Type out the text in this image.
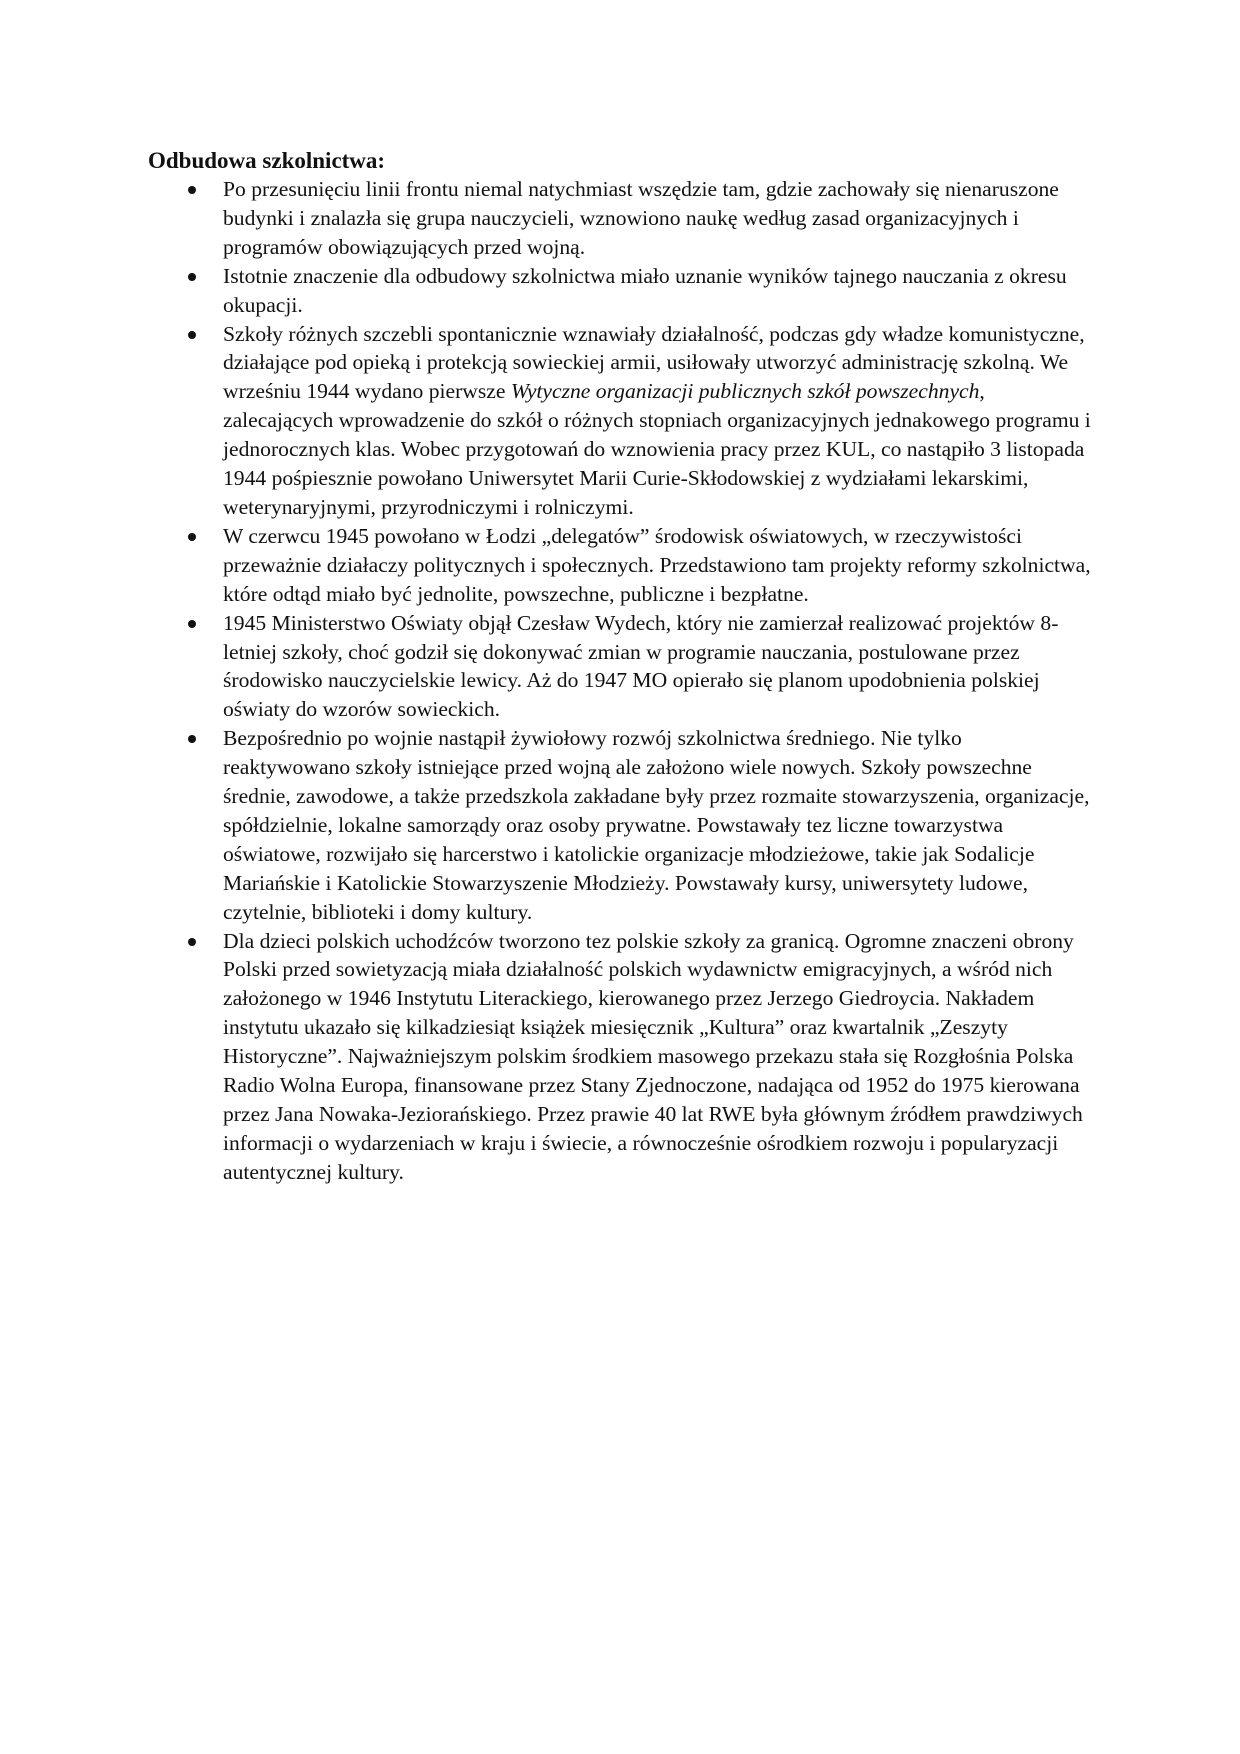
Odbudowa szkolnictwa:
Po przesunięciu linii frontu niemal natychmiast wszędzie tam, gdzie zachowały się nienaruszone budynki i znalazła się grupa nauczycieli, wznowiono naukę według zasad organizacyjnych i programów obowiązujących przed wojną.
Istotnie znaczenie dla odbudowy szkolnictwa miało uznanie wyników tajnego nauczania z okresu okupacji.
Szkoły różnych szczebli spontanicznie wznawiały działalność, podczas gdy władze komunistyczne, działające pod opieką i protekcją sowieckiej armii, usiłowały utworzyć administrację szkolną. We wrześniu 1944 wydano pierwsze Wytyczne organizacji publicznych szkół powszechnych, zalecających wprowadzenie do szkół o różnych stopniach organizacyjnych jednakowego programu i jednorocznych klas. Wobec przygotowań do wznowienia pracy przez KUL, co nastąpiło 3 listopada 1944 pośpiesznie powołano Uniwersytet Marii Curie-Skłodowskiej z wydziałami lekarskimi, weterynaryjnymi, przyrodniczymi i rolniczymi.
W czerwcu 1945 powołano w Łodzi „delegatów” środowisk oświatowych, w rzeczywistości przeważnie działaczy politycznych i społecznych. Przedstawiono tam projekty reformy szkolnictwa, które odtąd miało być jednolite, powszechne, publiczne i bezpłatne.
1945 Ministerstwo Oświaty objął Czesław Wydech, który nie zamierzał realizować projektów 8-letniej szkoły, choć godził się dokonywać zmian w programie nauczania, postulowane przez środowisko nauczycielskie lewicy. Aż do 1947 MO opierało się planom upodobnienia polskiej oświaty do wzorów sowieckich.
Bezpośrednio po wojnie nastąpił żywiołowy rozwój szkolnictwa średniego. Nie tylko reaktywowano szkoły istniejące przed wojną ale założono wiele nowych. Szkoły powszechne średnie, zawodowe, a także przedszkola zakładane były przez rozmaite stowarzyszenia, organizacje, spółdzielnie, lokalne samorządy oraz osoby prywatne. Powstawały tez liczne towarzystwa oświatowe, rozwijało się harcerstwo i katolickie organizacje młodzieżowe, takie jak Sodalicje Mariańskie i Katolickie Stowarzyszenie Młodzieży. Powstawały kursy, uniwersytety ludowe, czytelnie, biblioteki i domy kultury.
Dla dzieci polskich uchodźców tworzono tez polskie szkoły za granicą. Ogromne znaczeni obrony Polski przed sowietyzacją miała działalność polskich wydawnictw emigracyjnych, a wśród nich założonego w 1946 Instytutu Literackiego, kierowanego przez Jerzego Giedroycia. Nakładem instytutu ukazało się kilkadziesiąt książek miesięcznik „Kultura” oraz kwartalnik „Zeszyty Historyczne”. Najważniejszym polskim środkiem masowego przekazu stała się Rozgłośnia Polska Radio Wolna Europa, finansowane przez Stany Zjednoczone, nadająca od 1952 do 1975 kierowana przez Jana Nowaka-Jeziorańskiego. Przez prawie 40 lat RWE była głównym źródłem prawdziwych informacji o wydarzeniach w kraju i świecie, a równocześnie ośrodkiem rozwoju i popularyzacji autentycznej kultury.
